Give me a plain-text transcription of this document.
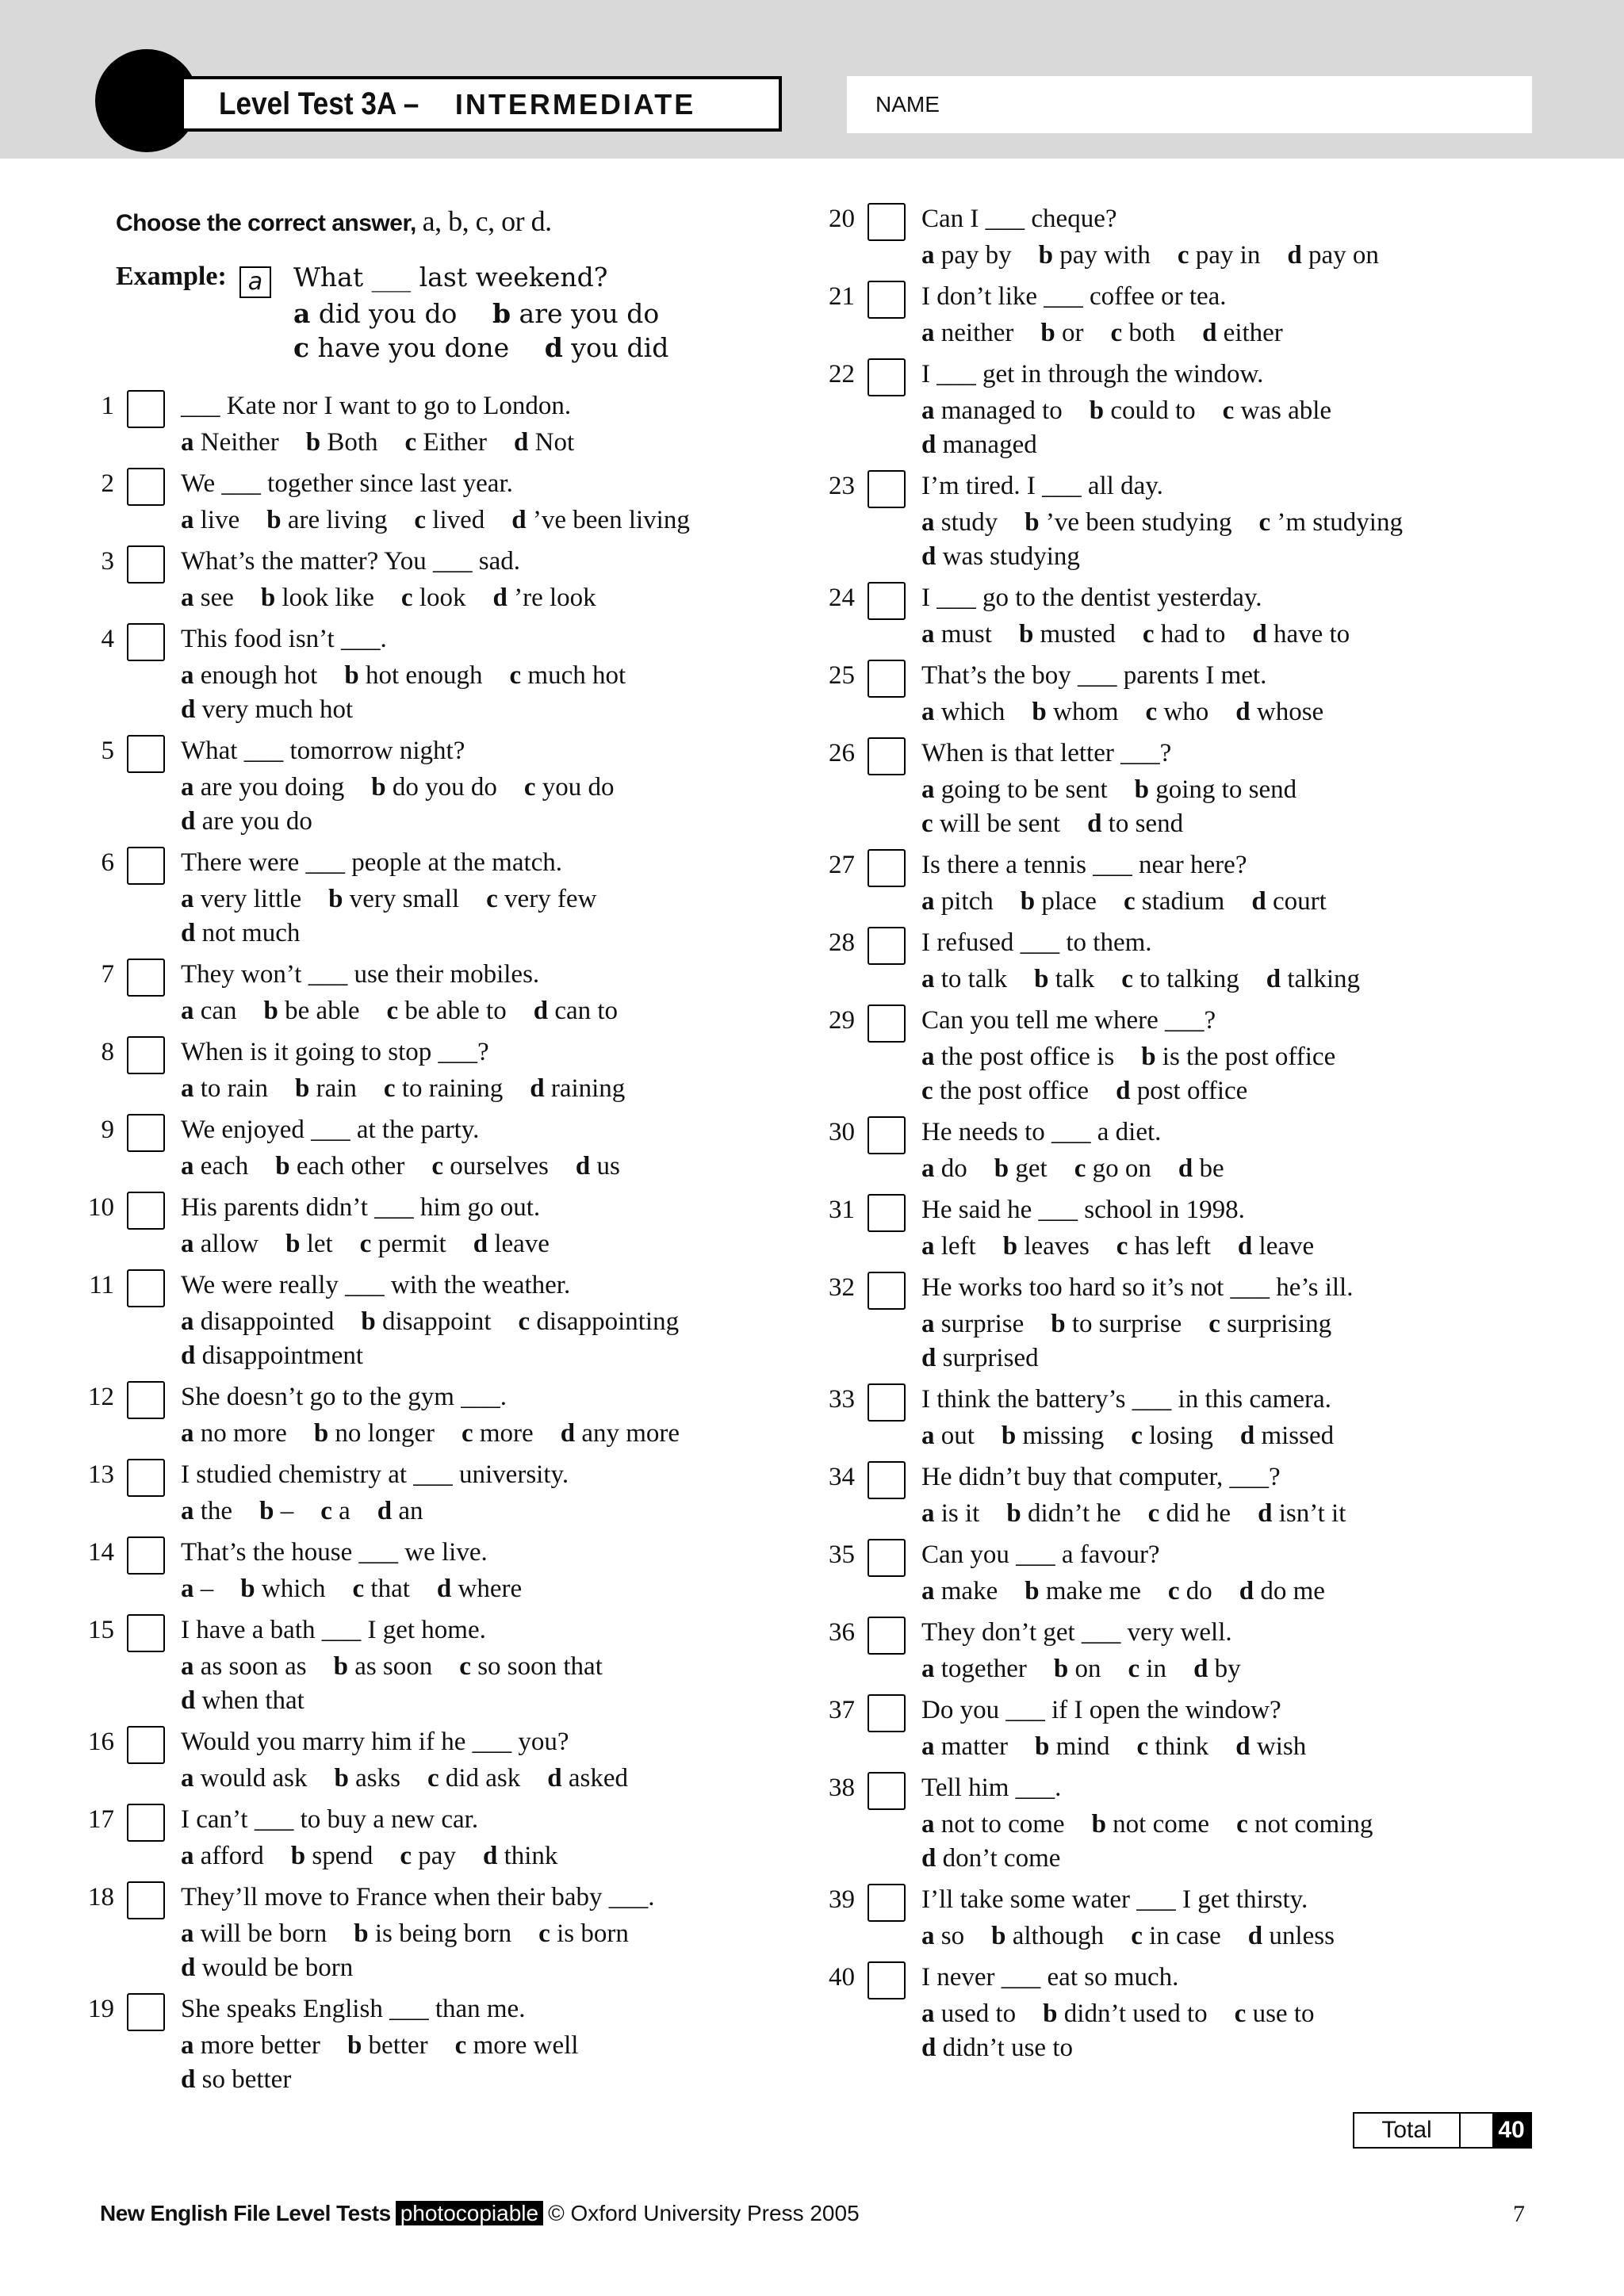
Level Test 3A – INTERMEDIATE	NAME
Choose the correct answer, a, b, c, or d.
Example: a	What ___ last weekend?
a did you do b are you do
c have you done d you did
1	___ Kate nor I want to go to London.
a Neither b Both c Either d Not
2	We ___ together since last year.
a live b are living c lived d ’ve been living
3	What’s the matter? You ___ sad.
a see b look like c look d ’re look
4	This food isn’t ___.
a enough hot b hot enough c much hot
d very much hot
5	What ___ tomorrow night?
a are you doing b do you do c you do
d are you do
6	There were ___ people at the match.
a very little b very small c very few
d not much
7	They won’t ___ use their mobiles.
a can b be able c be able to d can to
8	When is it going to stop ___?
a to rain b rain c to raining d raining
9	We enjoyed ___ at the party.
a each b each other c ourselves d us
10	His parents didn’t ___ him go out.
a allow b let c permit d leave
11	We were really ___ with the weather.
a disappointed b disappoint c disappointing
d disappointment
12	She doesn’t go to the gym ___.
a no more b no longer c more d any more
13	I studied chemistry at ___ university.
a the b – c a d an
14	That’s the house ___ we live.
a – b which c that d where
15	I have a bath ___ I get home.
a as soon as b as soon c so soon that
d when that
16	Would you marry him if he ___ you?
a would ask b asks c did ask d asked
17	I can’t ___ to buy a new car.
a afford b spend c pay d think
18	They’ll move to France when their baby ___.
a will be born b is being born c is born
d would be born
19	She speaks English ___ than me.
a more better b better c more well
d so better
20	Can I ___ cheque?
a pay by b pay with c pay in d pay on
21	I don’t like ___ coffee or tea.
a neither b or c both d either
22	I ___ get in through the window.
a managed to b could to c was able
d managed
23	I’m tired. I ___ all day.
a study b ’ve been studying c ’m studying
d was studying
24	I ___ go to the dentist yesterday.
a must b musted c had to d have to
25	That’s the boy ___ parents I met.
a which b whom c who d whose
26	When is that letter ___?
a going to be sent b going to send
c will be sent d to send
27	Is there a tennis ___ near here?
a pitch b place c stadium d court
28	I refused ___ to them.
a to talk b talk c to talking d talking
29	Can you tell me where ___?
a the post office is b is the post office
c the post office d post office
30	He needs to ___ a diet.
a do b get c go on d be
31	He said he ___ school in 1998.
a left b leaves c has left d leave
32	He works too hard so it’s not ___ he’s ill.
a surprise b to surprise c surprising
d surprised
33	I think the battery’s ___ in this camera.
a out b missing c losing d missed
34	He didn’t buy that computer, ___?
a is it b didn’t he c did he d isn’t it
35	Can you ___ a favour?
a make b make me c do d do me
36	They don’t get ___ very well.
a together b on c in d by
37	Do you ___ if I open the window?
a matter b mind c think d wish
38	Tell him ___.
a not to come b not come c not coming
d don’t come
39	I’ll take some water ___ I get thirsty.
a so b although c in case d unless
40	I never ___ eat so much.
a used to b didn’t used to c use to
d didn’t use to
Total	40
New English File Level Tests photocopiable © Oxford University Press 2005	7
